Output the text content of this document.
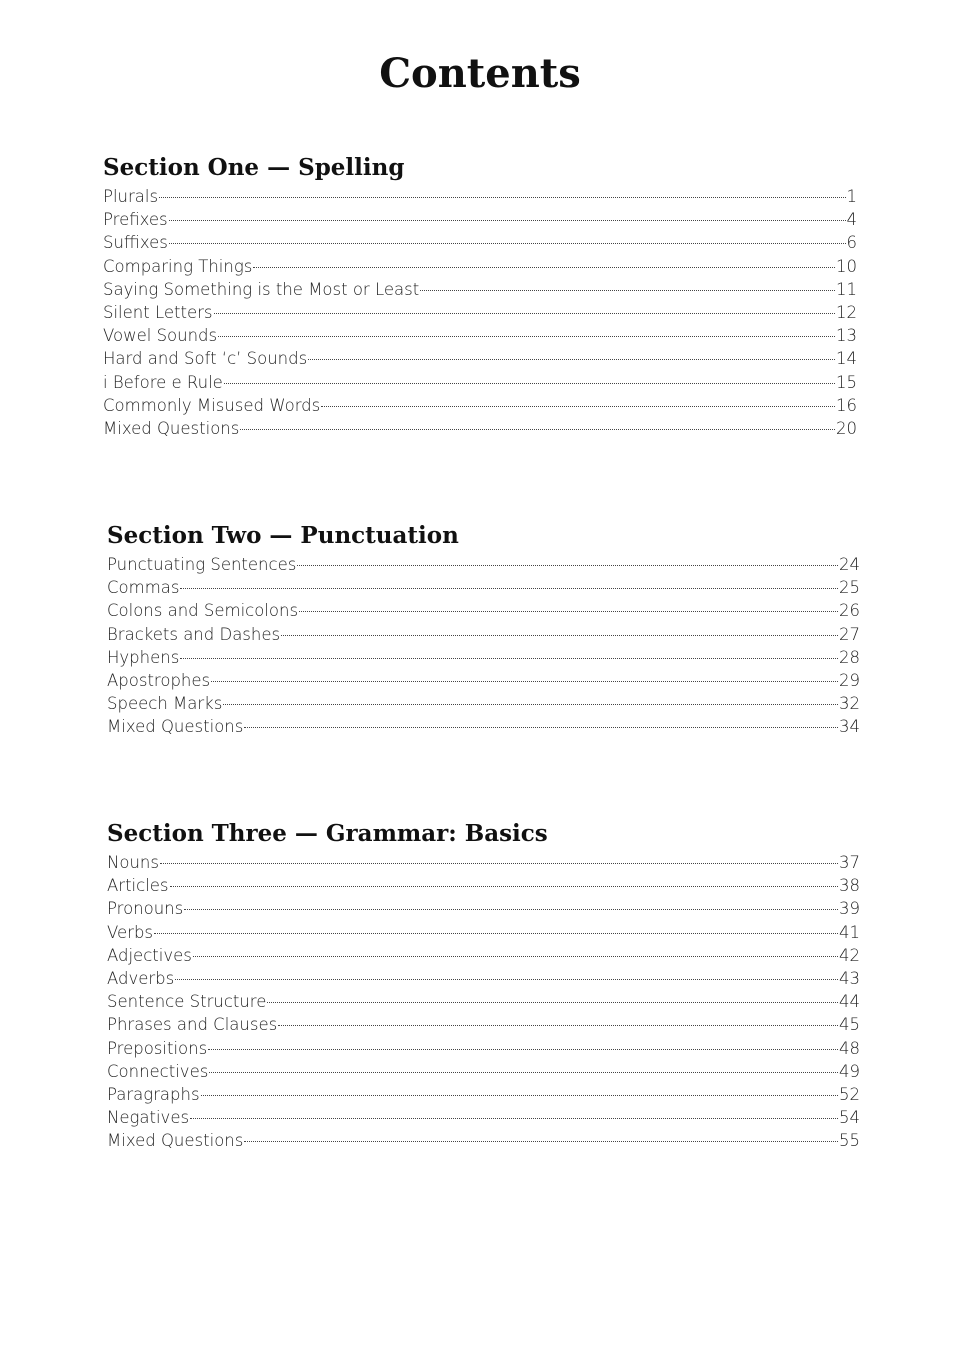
Contents
Section One — Spelling
Plurals	1
Prefixes	4
Suffixes	6
Comparing Things	10
Saying Something is the Most or Least	11
Silent Letters	12
Vowel Sounds	13
Hard and Soft ‘c’ Sounds	14
i Before e Rule	15
Commonly Misused Words	16
Mixed Questions	20
Section Two — Punctuation
Punctuating Sentences	24
Commas	25
Colons and Semicolons	26
Brackets and Dashes	27
Hyphens	28
Apostrophes	29
Speech Marks	32
Mixed Questions	34
Section Three — Grammar: Basics
Nouns	37
Articles	38
Pronouns	39
Verbs	41
Adjectives	42
Adverbs	43
Sentence Structure	44
Phrases and Clauses	45
Prepositions	48
Connectives	49
Paragraphs	52
Negatives	54
Mixed Questions	55
